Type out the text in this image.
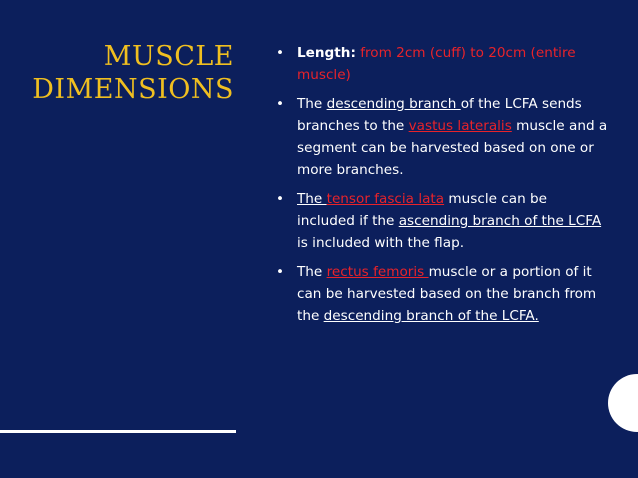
MUSCLE
DIMENSIONS
• Length: from 2cm (cuff) to 20cm (entire muscle)
• The descending branch of the LCFA sends branches to the vastus lateralis muscle and a segment can be harvested based on one or more branches.
• The tensor fascia lata muscle can be included if the ascending branch of the LCFA is included with the flap.
• The rectus femoris muscle or a portion of it can be harvested based on the branch from the descending branch of the LCFA.
